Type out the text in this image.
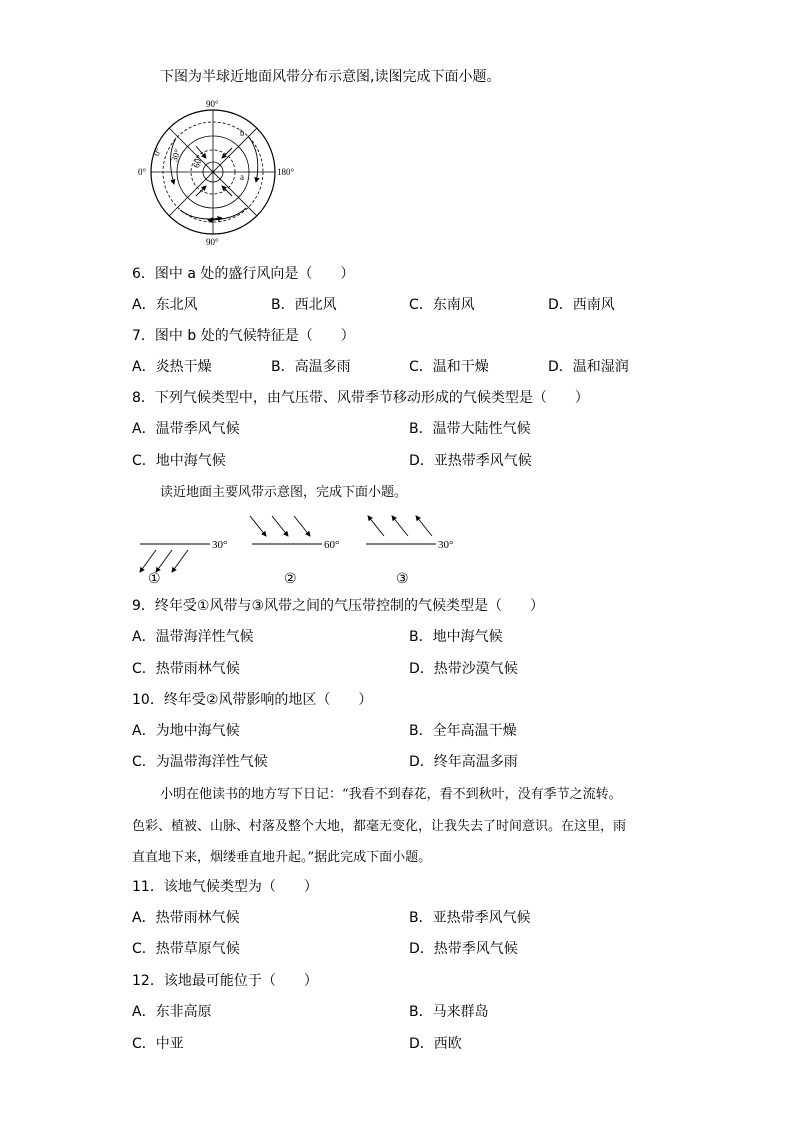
下图为半球近地面风带分布示意图,读图完成下面小题。
90°
90°
0°	180°
0° 30° 60°
a
b
6．图中 a 处的盛行风向是（　　）
A．东北风	B．西北风	C．东南风	D．西南风
7．图中 b 处的气候特征是（　　）
A．炎热干燥	B．高温多雨	C．温和干燥	D．温和湿润
8．下列气候类型中，由气压带、风带季节移动形成的气候类型是（　　）
A．温带季风气候	B．温带大陆性气候
C．地中海气候	D．亚热带季风气候
读近地面主要风带示意图，完成下面小题。
30°	60°	30°
①	②	③
9．终年受①风带与③风带之间的气压带控制的气候类型是（　　）
A．温带海洋性气候	B．地中海气候
C．热带雨林气候	D．热带沙漠气候
10．终年受②风带影响的地区（　　）
A．为地中海气候	B．全年高温干燥
C．为温带海洋性气候	D．终年高温多雨
小明在他读书的地方写下日记：“我看不到春花，看不到秋叶，没有季节之流转。
色彩、植被、山脉、村落及整个大地，都毫无变化，让我失去了时间意识。在这里，雨
直直地下来，烟缕垂直地升起。”据此完成下面小题。
11．该地气候类型为（　　）
A．热带雨林气候	B．亚热带季风气候
C．热带草原气候	D．热带季风气候
12．该地最可能位于（　　）
A．东非高原	B．马来群岛
C．中亚	D．西欧
